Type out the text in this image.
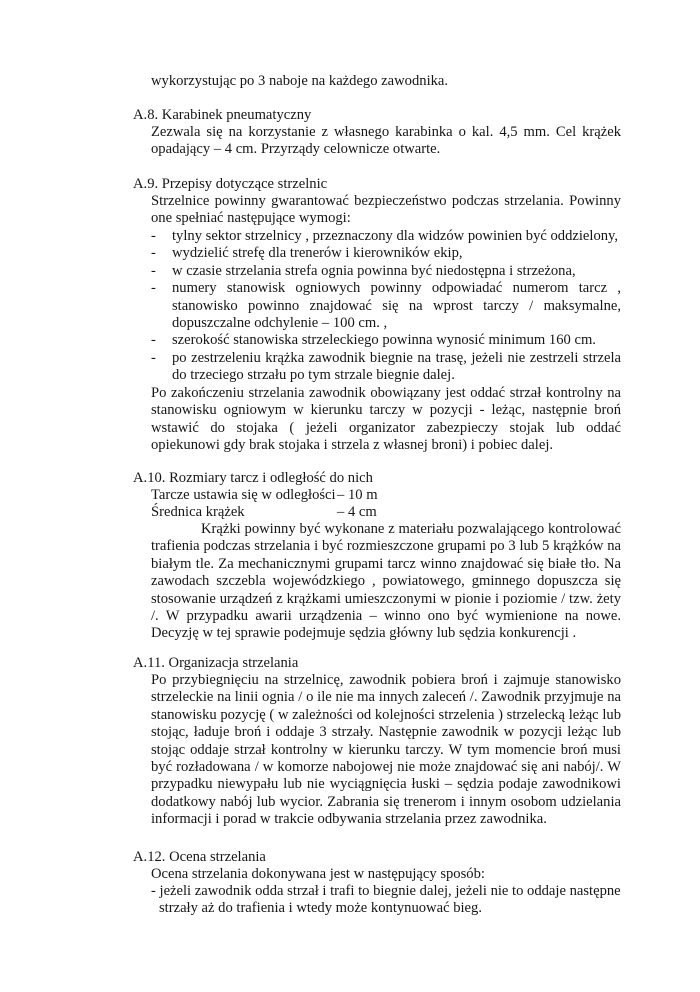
wykorzystując po 3 naboje na każdego zawodnika.

A.8. Karabinek pneumatyczny

Zezwala się na korzystanie z własnego karabinka o kal. 4,5 mm. Cel krążek opadający – 4 cm. Przyrządy celownicze otwarte.

A.9. Przepisy dotyczące strzelnic

Strzelnice powinny gwarantować bezpieczeństwo podczas strzelania. Powinny one spełniać następujące wymogi:

- tylny sektor strzelnicy , przeznaczony dla widzów powinien być oddzielony,
- wydzielić strefę dla trenerów i kierowników ekip,
- w czasie strzelania strefa ognia powinna być niedostępna i strzeżona,
- numery stanowisk ogniowych powinny odpowiadać numerom tarcz , stanowisko powinno znajdować się na wprost tarczy / maksymalne, dopuszczalne odchylenie – 100 cm. ,
- szerokość stanowiska strzeleckiego powinna wynosić minimum 160 cm.
- po zestrzeleniu krążka zawodnik biegnie na trasę, jeżeli nie zestrzeli strzela do trzeciego strzału po tym strzale biegnie dalej.

Po zakończeniu strzelania zawodnik obowiązany jest oddać strzał kontrolny na stanowisku ogniowym w kierunku tarczy w pozycji - leżąc, następnie broń wstawić do stojaka ( jeżeli organizator zabezpieczy stojak lub oddać opiekunowi gdy brak stojaka i strzela z własnej broni) i pobiec dalej.

A.10. Rozmiary tarcz i odległość do nich

Tarcze ustawia się w odległości – 10 m

Średnica krążek	– 4 cm

Krążki powinny być wykonane z materiału pozwalającego kontrolować trafienia podczas strzelania i być rozmieszczone grupami po 3 lub 5 krążków na białym tle. Za mechanicznymi grupami tarcz winno znajdować się białe tło. Na zawodach szczebla wojewódzkiego , powiatowego, gminnego dopuszcza się stosowanie urządzeń z krążkami umieszczonymi w pionie i poziomie / tzw. żety /. W przypadku awarii urządzenia – winno ono być wymienione na nowe. Decyzję w tej sprawie podejmuje sędzia główny lub sędzia konkurencji .

A.11. Organizacja strzelania

Po przybiegnięciu na strzelnicę, zawodnik pobiera broń i zajmuje stanowisko strzeleckie na linii ognia / o ile nie ma innych zaleceń /. Zawodnik przyjmuje na stanowisku pozycję ( w zależności od kolejności strzelenia ) strzelecką leżąc lub stojąc, ładuje broń i oddaje 3 strzały. Następnie zawodnik w pozycji leżąc lub stojąc oddaje strzał kontrolny w kierunku tarczy. W tym momencie broń musi być rozładowana / w komorze nabojowej nie może znajdować się ani nabój/. W przypadku niewypału lub nie wyciągnięcia łuski – sędzia podaje zawodnikowi dodatkowy nabój lub wycior. Zabrania się trenerom i innym osobom udzielania informacji i porad w trakcie odbywania strzelania przez zawodnika.

A.12. Ocena strzelania

Ocena strzelania dokonywana jest w następujący sposób:

- jeżeli zawodnik odda strzał i trafi to biegnie dalej, jeżeli nie to oddaje następne strzały aż do trafienia i wtedy może kontynuować bieg.
